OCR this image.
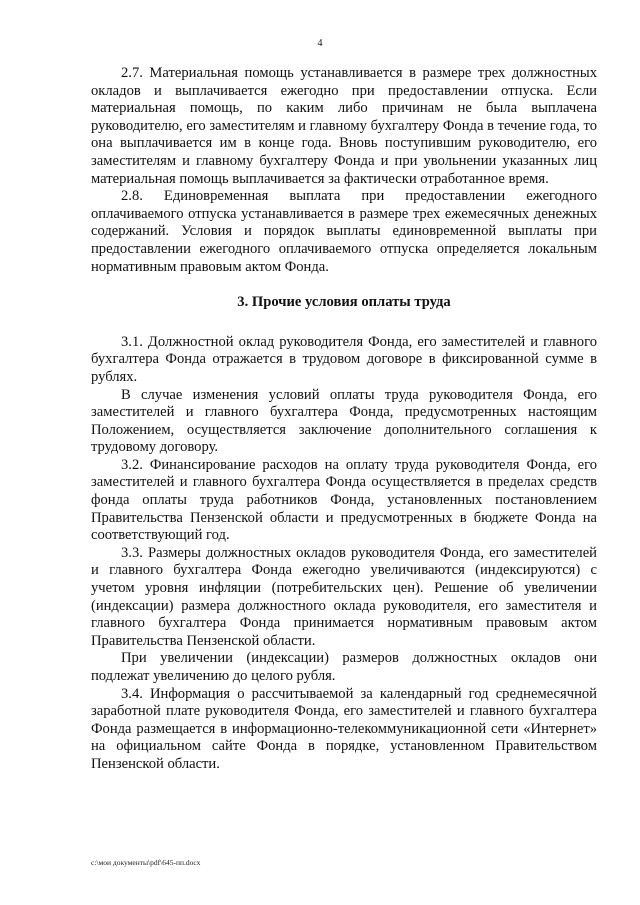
4

2.7. Материальная помощь устанавливается в размере трех должностных окладов и выплачивается ежегодно при предоставлении отпуска. Если материальная помощь, по каким либо причинам не была выплачена руководителю, его заместителям и главному бухгалтеру Фонда в течение года, то она выплачивается им в конце года. Вновь поступившим руководителю, его заместителям и главному бухгалтеру Фонда и при увольнении указанных лиц материальная помощь выплачивается за фактически отработанное время.

2.8. Единовременная выплата при предоставлении ежегодного оплачиваемого отпуска устанавливается в размере трех ежемесячных денежных содержаний. Условия и порядок выплаты единовременной выплаты при предоставлении ежегодного оплачиваемого отпуска определяется локальным нормативным правовым актом Фонда.

3. Прочие условия оплаты труда

3.1. Должностной оклад руководителя Фонда, его заместителей и главного бухгалтера Фонда отражается в трудовом договоре в фиксированной сумме в рублях.

В случае изменения условий оплаты труда руководителя Фонда, его заместителей и главного бухгалтера Фонда, предусмотренных настоящим Положением, осуществляется заключение дополнительного соглашения к трудовому договору.

3.2. Финансирование расходов на оплату труда руководителя Фонда, его заместителей и главного бухгалтера Фонда осуществляется в пределах средств фонда оплаты труда работников Фонда, установленных постановлением Правительства Пензенской области и предусмотренных в бюджете Фонда на соответствующий год.

3.3. Размеры должностных окладов руководителя Фонда, его заместителей и главного бухгалтера Фонда ежегодно увеличиваются (индексируются) с учетом уровня инфляции (потребительских цен). Решение об увеличении (индексации) размера должностного оклада руководителя, его заместителя и главного бухгалтера Фонда принимается нормативным правовым актом Правительства Пензенской области.

При увеличении (индексации) размеров должностных окладов они подлежат увеличению до целого рубля.

3.4. Информация о рассчитываемой за календарный год среднемесячной заработной плате руководителя Фонда, его заместителей и главного бухгалтера Фонда размещается в информационно-телекоммуникационной сети «Интернет» на официальном сайте Фонда в порядке, установленном Правительством Пензенской области.

c:\мои документы\pdf\645-пп.docx
